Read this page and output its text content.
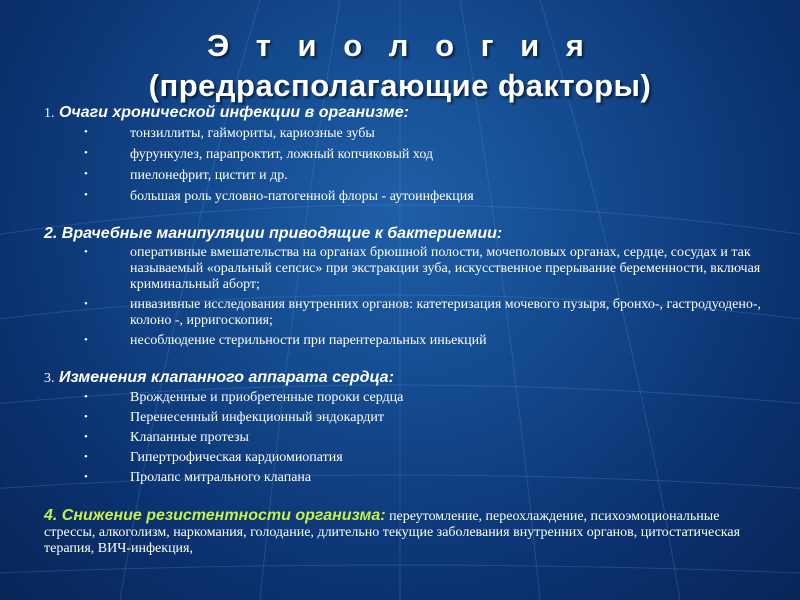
Э т и о л о г и я
(предрасполагающие факторы)
1. Очаги хронической инфекции в организме:
•	тонзиллиты, гаймориты, кариозные зубы
•	фурункулез, парапроктит, ложный копчиковый ход
•	пиелонефрит, цистит и др.
•	большая роль условно-патогенной флоры - аутоинфекция
2. Врачебные манипуляции приводящие к бактериемии:
•	оперативные вмешательства на органах брюшной полости, мочеполовых органах, сердце, сосудах и так называемый «оральный сепсис» при экстракции зуба, искусственное прерывание беременности, включая криминальный аборт;
•	инвазивные исследования внутренних органов: катетеризация мочевого пузыря, бронхо-, гастродуодено-, колоно -, ирригоскопия;
•	несоблюдение стерильности при парентеральных иньекций
3. Изменения клапанного аппарата сердца:
•	Врожденные и приобретенные пороки сердца
•	Перенесенный инфекционный эндокардит
•	Клапанные протезы
•	Гипертрофическая кардиомиопатия
•	Пролапс митрального клапана
4. Снижение резистентности организма: переутомление, переохлаждение, психоэмоциональные стрессы, алкоголизм, наркомания, голодание, длительно текущие заболевания внутренних органов, цитостатическая терапия, ВИЧ-инфекция,
